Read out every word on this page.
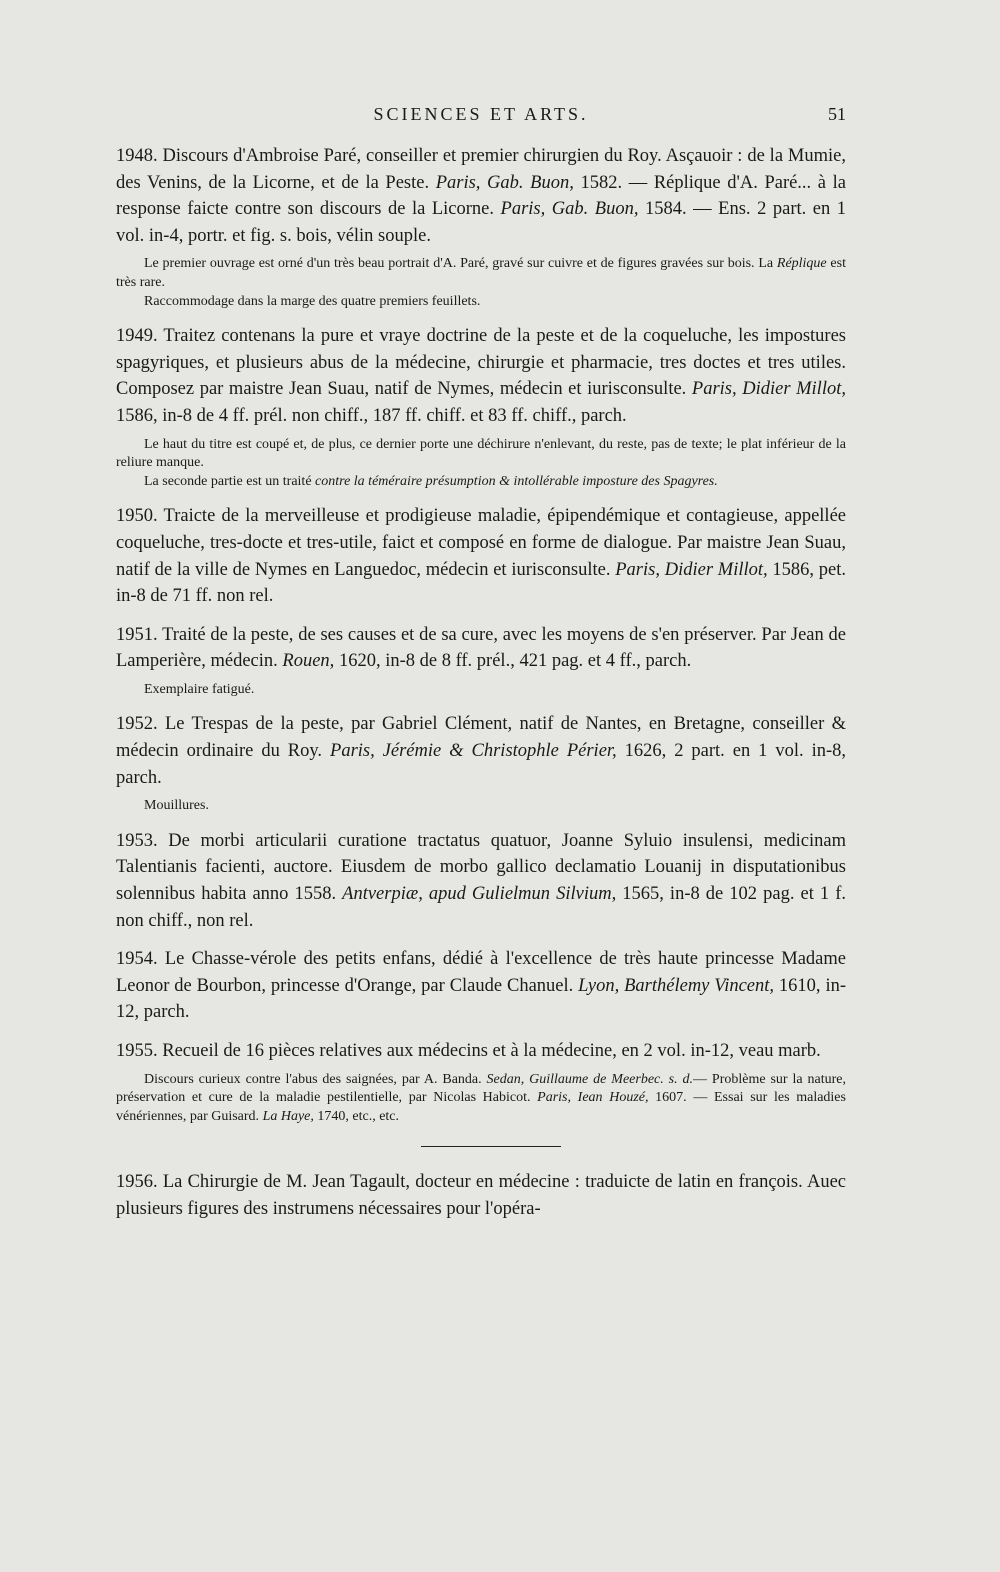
SCIENCES ET ARTS.	51

1948. Discours d'Ambroise Paré, conseiller et premier chirurgien du Roy. Asçauoir : de la Mumie, des Venins, de la Licorne, et de la Peste. Paris, Gab. Buon, 1582. — Réplique d'A. Paré... à la response faicte contre son discours de la Licorne. Paris, Gab. Buon, 1584. — Ens. 2 part. en 1 vol. in-4, portr. et fig. s. bois, vélin souple.

Le premier ouvrage est orné d'un très beau portrait d'A. Paré, gravé sur cuivre et de figures gravées sur bois. La Réplique est très rare.

Raccommodage dans la marge des quatre premiers feuillets.

1949. Traitez contenans la pure et vraye doctrine de la peste et de la coqueluche, les impostures spagyriques, et plusieurs abus de la médecine, chirurgie et pharmacie, tres doctes et tres utiles. Composez par maistre Jean Suau, natif de Nymes, médecin et iurisconsulte. Paris, Didier Millot, 1586, in-8 de 4 ff. prél. non chiff., 187 ff. chiff. et 83 ff. chiff., parch.

Le haut du titre est coupé et, de plus, ce dernier porte une déchirure n'enlevant, du reste, pas de texte; le plat inférieur de la reliure manque.

La seconde partie est un traité contre la téméraire présumption & intollérable imposture des Spagyres.

1950. Traicte de la merveilleuse et prodigieuse maladie, épipendémique et contagieuse, appellée coqueluche, tres-docte et tres-utile, faict et composé en forme de dialogue. Par maistre Jean Suau, natif de la ville de Nymes en Languedoc, médecin et iurisconsulte. Paris, Didier Millot, 1586, pet. in-8 de 71 ff. non rel.

1951. Traité de la peste, de ses causes et de sa cure, avec les moyens de s'en préserver. Par Jean de Lamperière, médecin. Rouen, 1620, in-8 de 8 ff. prél., 421 pag. et 4 ff., parch.

Exemplaire fatigué.

1952. Le Trespas de la peste, par Gabriel Clément, natif de Nantes, en Bretagne, conseiller & médecin ordinaire du Roy. Paris, Jérémie & Christophle Périer, 1626, 2 part. en 1 vol. in-8, parch.

Mouillures.

1953. De morbi articularii curatione tractatus quatuor, Joanne Syluio insulensi, medicinam Talentianis facienti, auctore. Eiusdem de morbo gallico declamatio Louanij in disputationibus solennibus habita anno 1558. Antverpiæ, apud Gulielmun Silvium, 1565, in-8 de 102 pag. et 1 f. non chiff., non rel.

1954. Le Chasse-vérole des petits enfans, dédié à l'excellence de très haute princesse Madame Leonor de Bourbon, princesse d'Orange, par Claude Chanuel. Lyon, Barthélemy Vincent, 1610, in-12, parch.

1955. Recueil de 16 pièces relatives aux médecins et à la médecine, en 2 vol. in-12, veau marb.

Discours curieux contre l'abus des saignées, par A. Banda. Sedan, Guillaume de Meerbec. s. d.— Problème sur la nature, préservation et cure de la maladie pestilentielle, par Nicolas Habicot. Paris, Iean Houzé, 1607. — Essai sur les maladies vénériennes, par Guisard. La Haye, 1740, etc., etc.

1956. La Chirurgie de M. Jean Tagault, docteur en médecine : traduicte de latin en françois. Auec plusieurs figures des instrumens nécessaires pour l'opéra-
